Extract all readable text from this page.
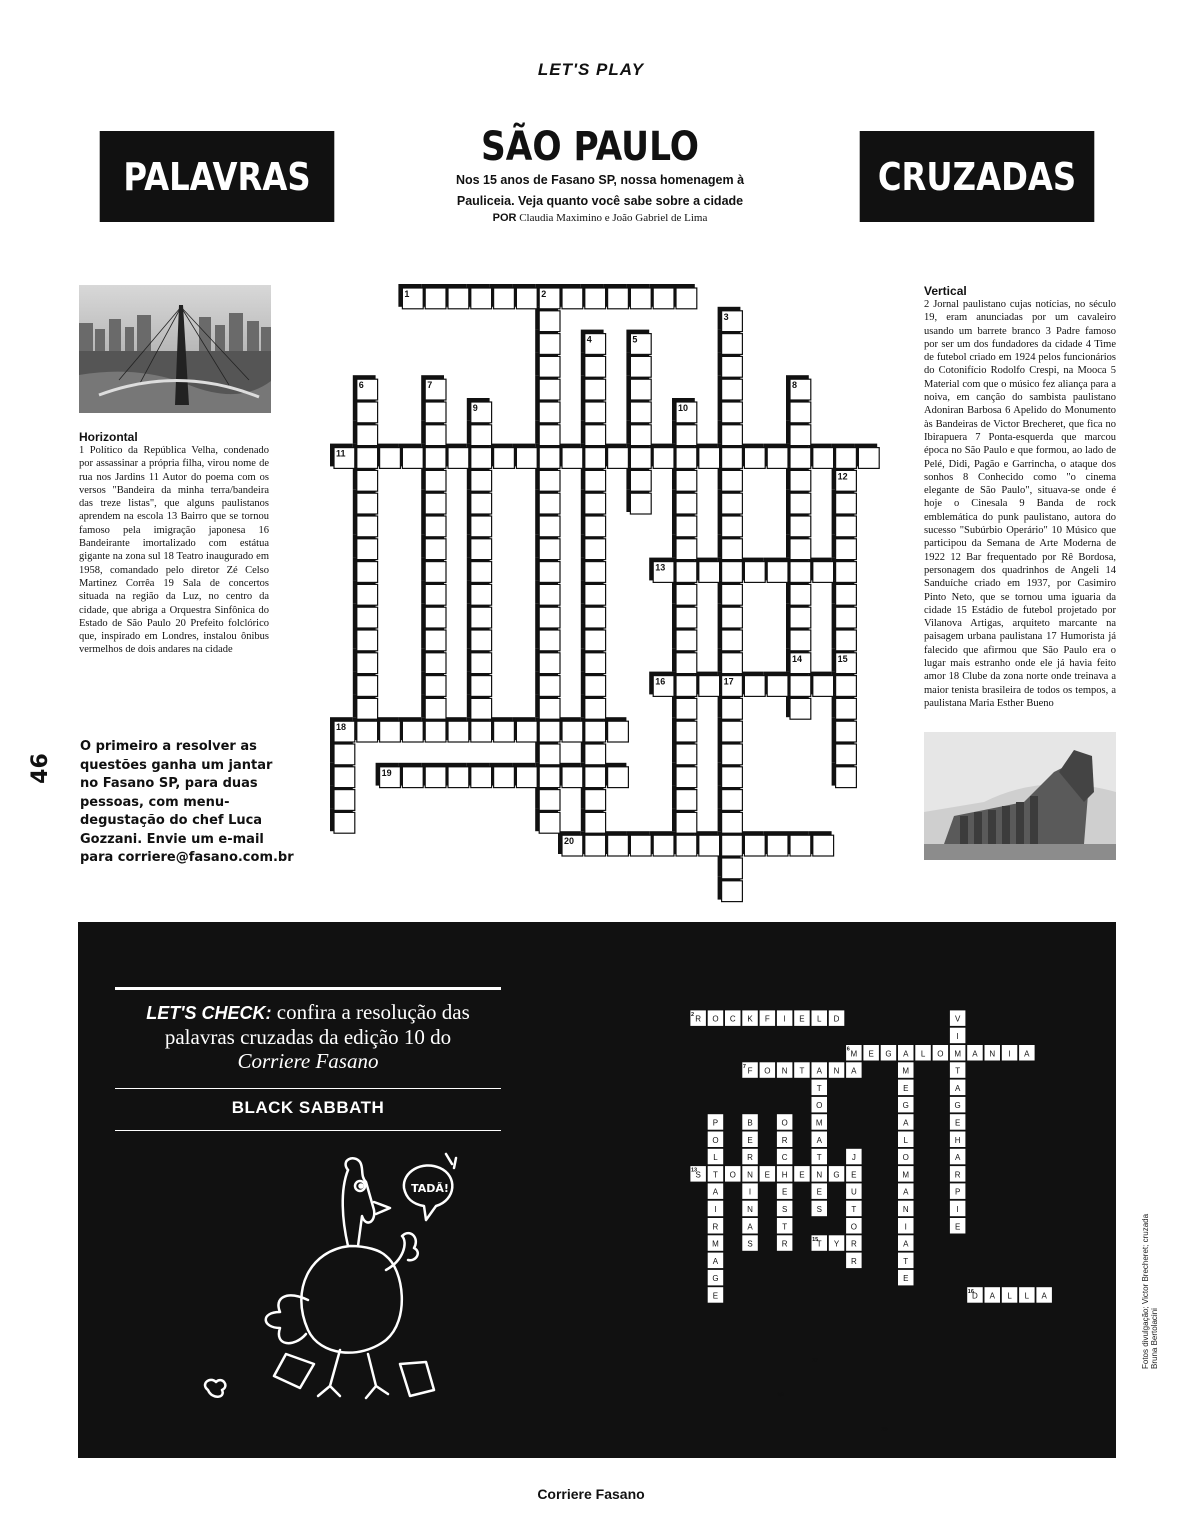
LET'S PLAY
PALAVRAS	CRUZADAS
SÃO PAULO
Nos 15 anos de Fasano SP, nossa homenagem à
Pauliceia. Veja quanto você sabe sobre a cidade
POR Claudia Maximino e João Gabriel de Lima
Horizontal
1 Político da República Velha, condenado por assassinar a própria filha, virou nome de rua nos Jardins 11 Autor do poema com os versos "Bandeira da minha terra/bandeira das treze listas", que alguns paulistanos aprendem na escola 13 Bairro que se tornou famoso pela imigração japonesa 16 Bandeirante imortalizado com estátua gigante na zona sul 18 Teatro inaugurado em 1958, comandado pelo diretor Zé Celso Martinez Corrêa 19 Sala de concertos situada na região da Luz, no centro da cidade, que abriga a Orquestra Sinfônica do Estado de São Paulo 20 Prefeito folclórico que, inspirado em Londres, instalou ônibus vermelhos de dois andares na cidade
Vertical
2 Jornal paulistano cujas notícias, no século 19, eram anunciadas por um cavaleiro usando um barrete branco 3 Padre famoso por ser um dos fundadores da cidade 4 Time de futebol criado em 1924 pelos funcionários do Cotonifício Rodolfo Crespi, na Mooca 5 Material com que o músico fez aliança para a noiva, em canção do sambista paulistano Adoniran Barbosa 6 Apelido do Monumento às Bandeiras de Victor Brecheret, que fica no Ibirapuera 7 Ponta-esquerda que marcou época no São Paulo e que formou, ao lado de Pelé, Didi, Pagão e Garrincha, o ataque dos sonhos 8 Conhecido como "o cinema elegante de São Paulo", situava-se onde é hoje o Cinesala 9 Banda de rock emblemática do punk paulistano, autora do sucesso "Subúrbio Operário" 10 Músico que participou da Semana de Arte Moderna de 1922 12 Bar frequentado por Rê Bordosa, personagem dos quadrinhos de Angeli 14 Sanduíche criado em 1937, por Casimiro Pinto Neto, que se tornou uma iguaria da cidade 15 Estádio de futebol projetado por Vilanova Artigas, arquiteto marcante na paisagem urbana paulistana 17 Humorista já falecido que afirmou que São Paulo era o lugar mais estranho onde ele já havia feito amor 18 Clube da zona norte onde treinava a maior tenista brasileira de todos os tempos, a paulistana Maria Esther Bueno
1	2
3
4	5
6	7	8
9	10
11
12
13
14	15
16	17
18
19
20
O primeiro a resolver as questões ganha um jantar no Fasano SP, para duas pessoas, com menu-degustação do chef Luca Gozzani. Envie um e-mail para corriere@fasano.com.br
46
LET'S CHECK: confira a resolução das
palavras cruzadas da edição 10 do
Corriere Fasano
BLACK SABBATH
TADÃ!
R O C K F I E L D
M E G A L O M A N I A
F O N T A N A
S T O N E H E N G E
T Y R
D A L L A
V
I
T
A
G
E
H
A
R
P
I
E
P
O
L
A
I
R
M
A
G
E
B
E
R
I
N
A
S
O
R
C
E
S
T
R
T
O
M
A
T
E
S
M
E
G
A
L
O
M
A
N
I
A
T
E
J
U
T
O
R
2
6
7
13
15
16
17
18
19
Corriere Fasano
Fotos divulgação; Victor Brecheret; cruzada Bruna Bertolacini
